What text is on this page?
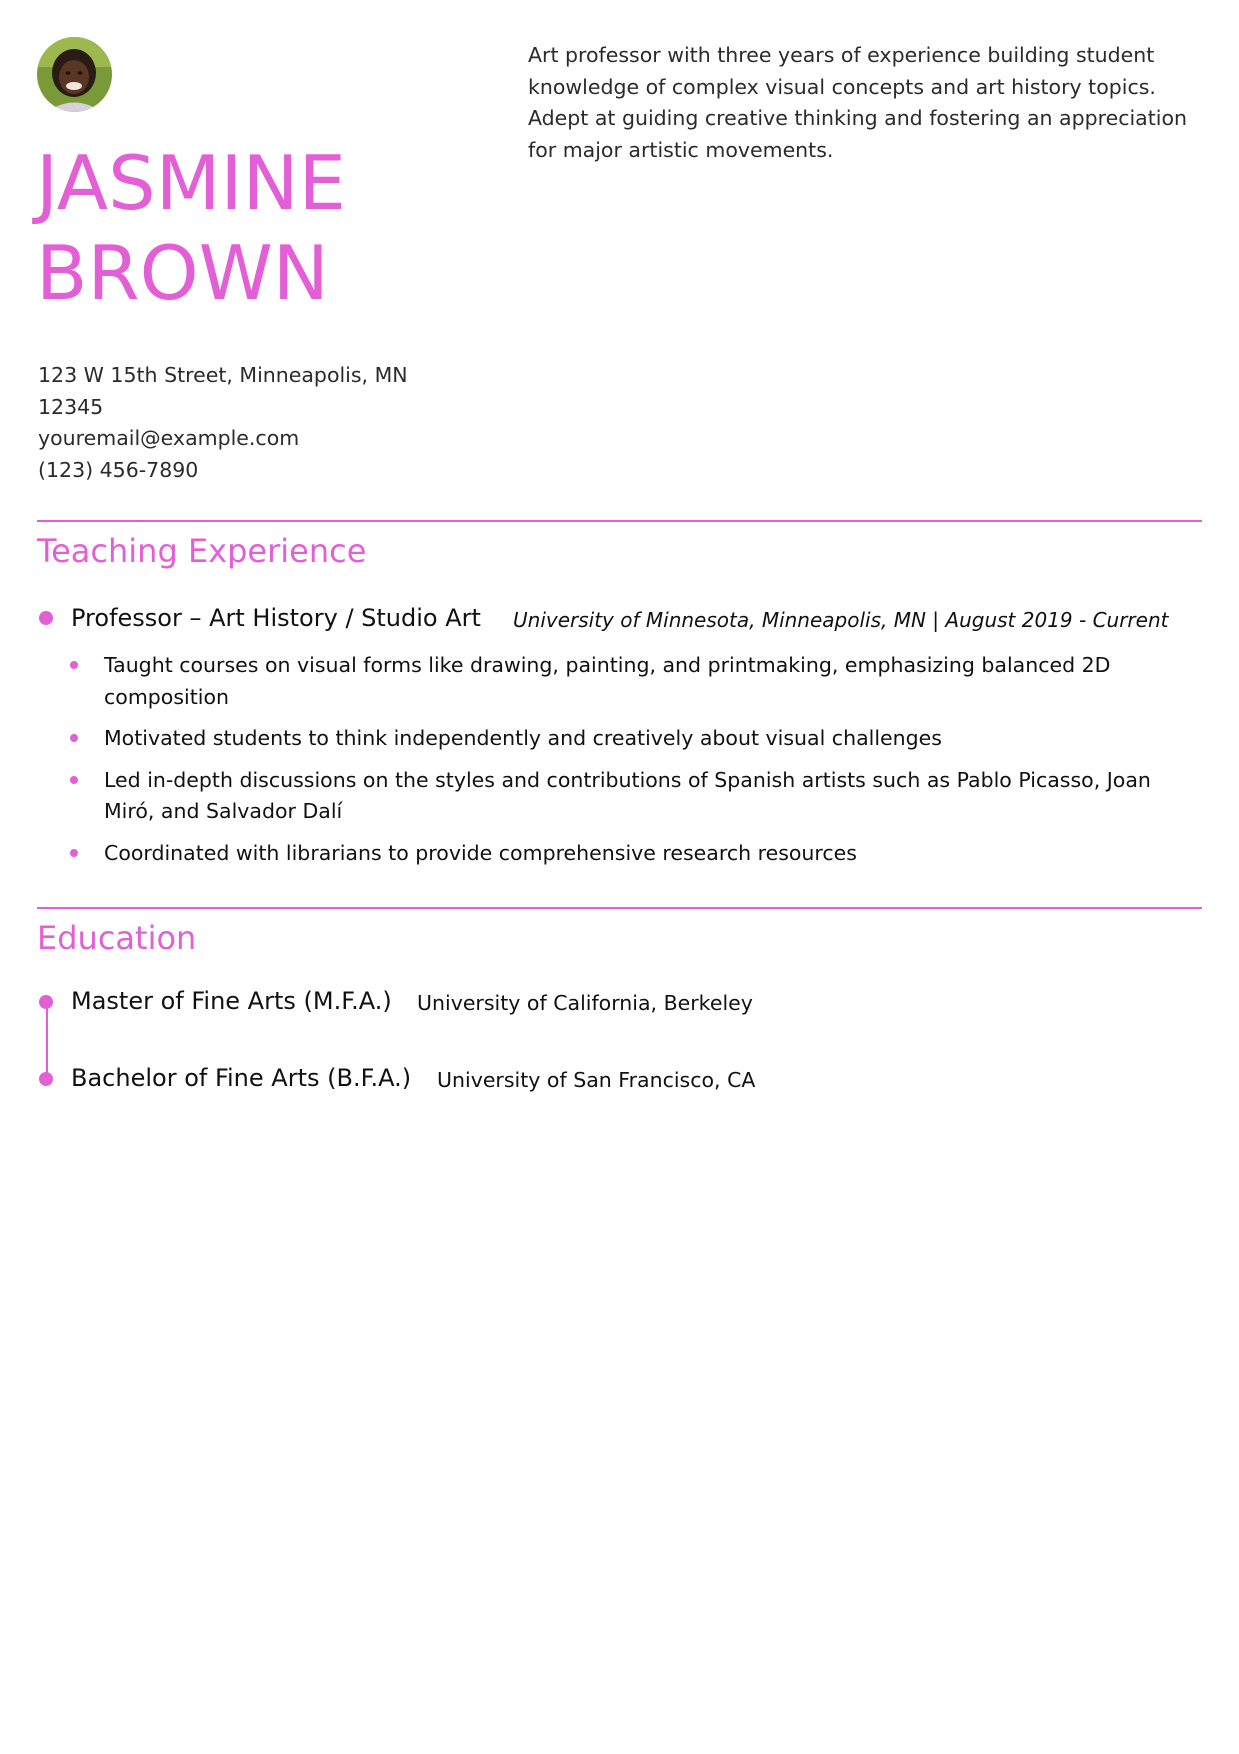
JASMINE
BROWN
Art professor with three years of experience building student knowledge of complex visual concepts and art history topics. Adept at guiding creative thinking and fostering an appreciation for major artistic movements.
123 W 15th Street, Minneapolis, MN
12345
youremail@example.com
(123) 456-7890
Teaching Experience
Professor – Art History / Studio Art University of Minnesota, Minneapolis, MN | August 2019 - Current
Taught courses on visual forms like drawing, painting, and printmaking, emphasizing balanced 2D composition
Motivated students to think independently and creatively about visual challenges
Led in-depth discussions on the styles and contributions of Spanish artists such as Pablo Picasso, Joan Miró, and Salvador Dalí
Coordinated with librarians to provide comprehensive research resources
Education
Master of Fine Arts (M.F.A.) University of California, Berkeley
Bachelor of Fine Arts (B.F.A.) University of San Francisco, CA
